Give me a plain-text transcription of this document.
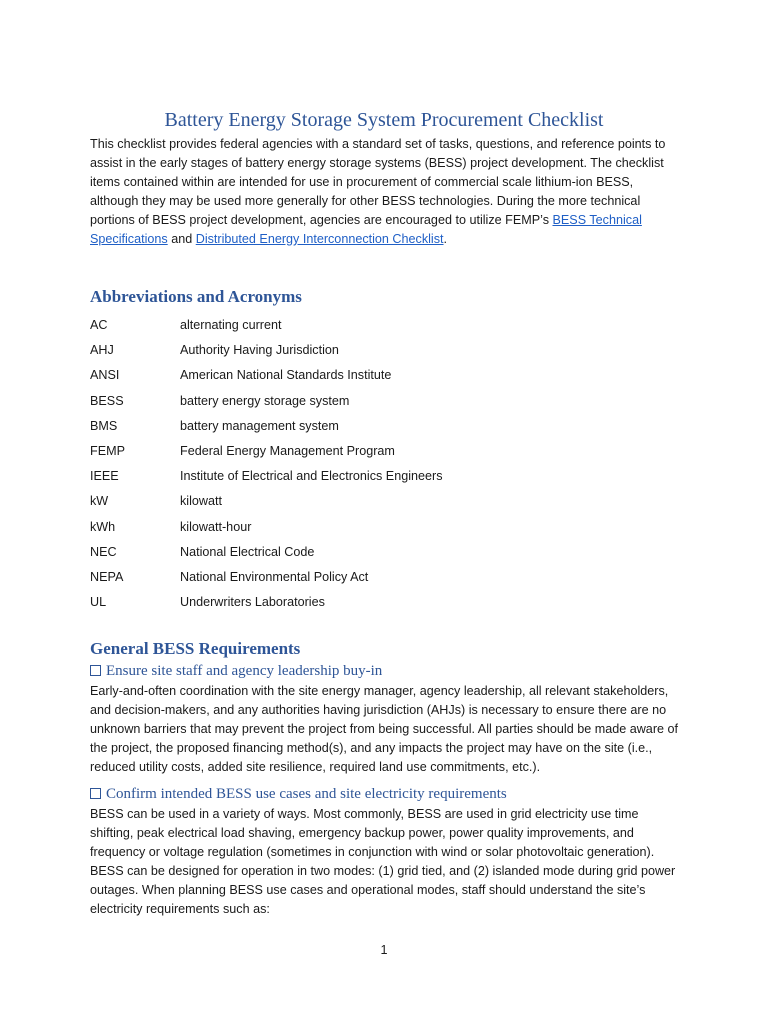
Battery Energy Storage System Procurement Checklist

This checklist provides federal agencies with a standard set of tasks, questions, and reference points to assist in the early stages of battery energy storage systems (BESS) project development. The checklist items contained within are intended for use in procurement of commercial scale lithium-ion BESS, although they may be used more generally for other BESS technologies. During the more technical portions of BESS project development, agencies are encouraged to utilize FEMP’s BESS Technical Specifications and Distributed Energy Interconnection Checklist.

Abbreviations and Acronyms
AC	alternating current
AHJ	Authority Having Jurisdiction
ANSI	American National Standards Institute
BESS	battery energy storage system
BMS	battery management system
FEMP	Federal Energy Management Program
IEEE	Institute of Electrical and Electronics Engineers
kW	kilowatt
kWh	kilowatt-hour
NEC	National Electrical Code
NEPA	National Environmental Policy Act
UL	Underwriters Laboratories
General BESS Requirements
Ensure site staff and agency leadership buy-in

Early-and-often coordination with the site energy manager, agency leadership, all relevant stakeholders, and decision-makers, and any authorities having jurisdiction (AHJs) is necessary to ensure there are no unknown barriers that may prevent the project from being successful. All parties should be made aware of the project, the proposed financing method(s), and any impacts the project may have on the site (i.e., reduced utility costs, added site resilience, required land use commitments, etc.).

Confirm intended BESS use cases and site electricity requirements

BESS can be used in a variety of ways. Most commonly, BESS are used in grid electricity use time shifting, peak electrical load shaving, emergency backup power, power quality improvements, and frequency or voltage regulation (sometimes in conjunction with wind or solar photovoltaic generation). BESS can be designed for operation in two modes: (1) grid tied, and (2) islanded mode during grid power outages. When planning BESS use cases and operational modes, staff should understand the site’s electricity requirements such as:

1
